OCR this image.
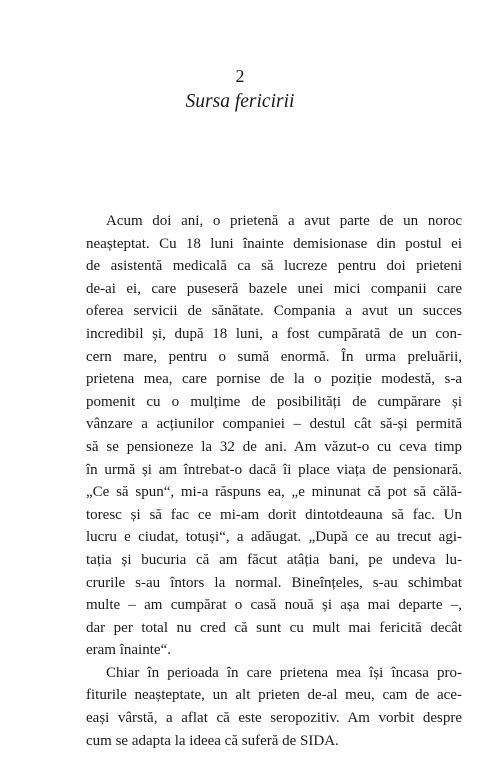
2
Sursa fericirii
Acum doi ani, o prietenă a avut parte de un noroc
neașteptat. Cu 18 luni înainte demisionase din postul ei
de asistentă medicală ca să lucreze pentru doi prieteni
de-ai ei, care puseseră bazele unei mici companii care
oferea servicii de sănătate. Compania a avut un succes
incredibil și, după 18 luni, a fost cumpărată de un con-
cern mare, pentru o sumă enormă. În urma preluării,
prietena mea, care pornise de la o poziție modestă, s-a
pomenit cu o mulțime de posibilități de cumpărare și
vânzare a acțiunilor companiei – destul cât să-și permită
să se pensioneze la 32 de ani. Am văzut-o cu ceva timp
în urmă și am întrebat-o dacă îi place viața de pensionară.
„Ce să spun“, mi-a răspuns ea, „e minunat că pot să călă-
toresc și să fac ce mi-am dorit dintotdeauna să fac. Un
lucru e ciudat, totuși“, a adăugat. „După ce au trecut agi-
tația și bucuria că am făcut atâția bani, pe undeva lu-
crurile s-au întors la normal. Bineînțeles, s-au schimbat
multe – am cumpărat o casă nouă și așa mai departe –,
dar per total nu cred că sunt cu mult mai fericită decât
eram înainte“.
Chiar în perioada în care prietena mea își încasa pro-
fiturile neașteptate, un alt prieten de-al meu, cam de ace-
eași vârstă, a aflat că este seropozitiv. Am vorbit despre
cum se adapta la ideea că suferă de SIDA.
